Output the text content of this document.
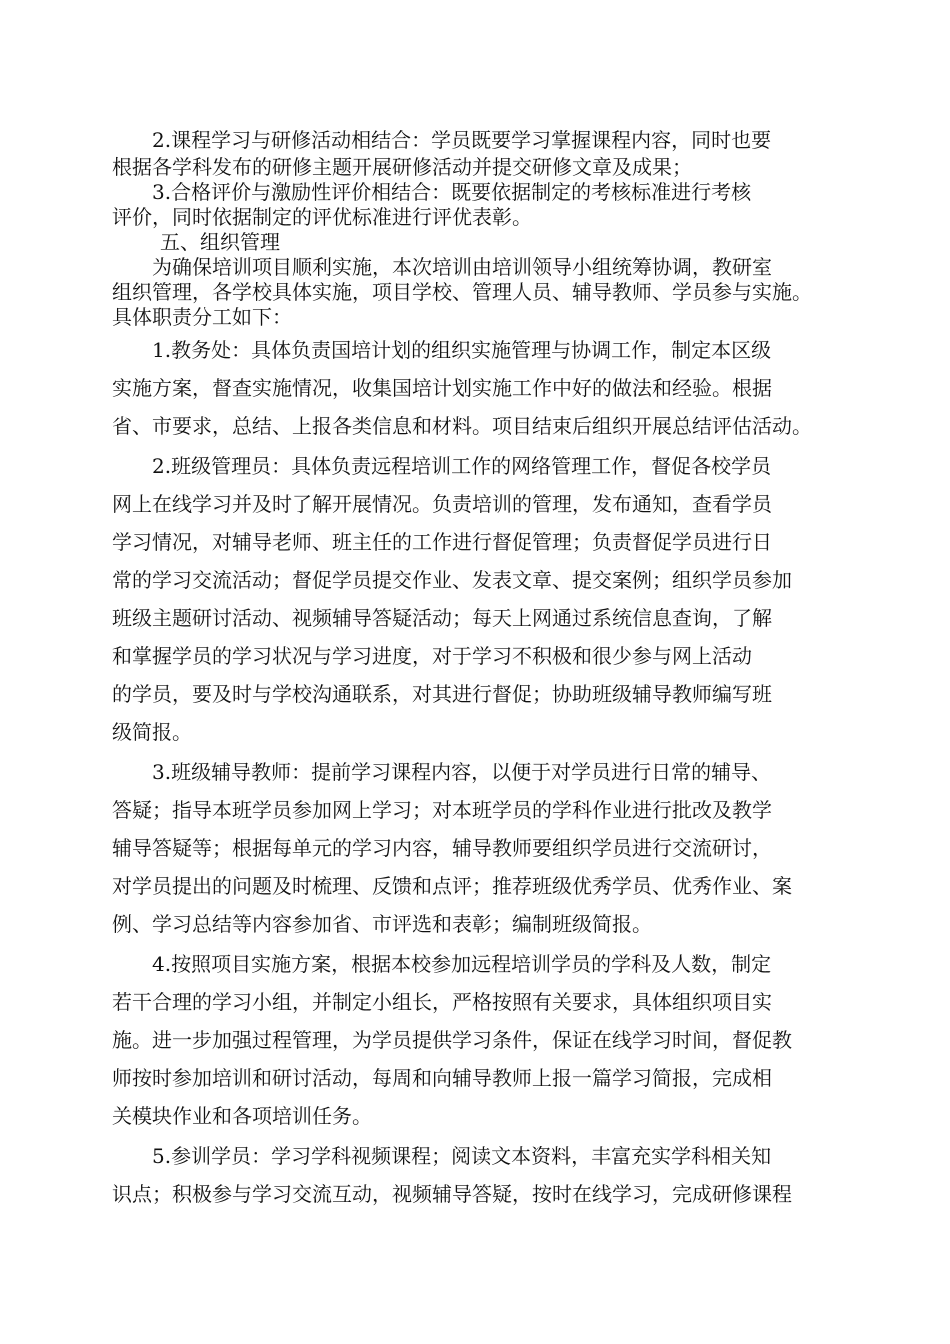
2.课程学习与研修活动相结合：学员既要学习掌握课程内容，同时也要
根据各学科发布的研修主题开展研修活动并提交研修文章及成果；
3.合格评价与激励性评价相结合：既要依据制定的考核标准进行考核
评价，同时依据制定的评优标准进行评优表彰。
五、组织管理
为确保培训项目顺利实施，本次培训由培训领导小组统筹协调，教研室
组织管理，各学校具体实施，项目学校、管理人员、辅导教师、学员参与实施。
具体职责分工如下：
1.教务处：具体负责国培计划的组织实施管理与协调工作，制定本区级
实施方案，督查实施情况，收集国培计划实施工作中好的做法和经验。根据
省、市要求，总结、上报各类信息和材料。项目结束后组织开展总结评估活动。
2.班级管理员：具体负责远程培训工作的网络管理工作，督促各校学员
网上在线学习并及时了解开展情况。负责培训的管理，发布通知，查看学员
学习情况，对辅导老师、班主任的工作进行督促管理；负责督促学员进行日
常的学习交流活动；督促学员提交作业、发表文章、提交案例；组织学员参加
班级主题研讨活动、视频辅导答疑活动；每天上网通过系统信息查询，了解
和掌握学员的学习状况与学习进度，对于学习不积极和很少参与网上活动
的学员，要及时与学校沟通联系，对其进行督促；协助班级辅导教师编写班
级简报。
3.班级辅导教师：提前学习课程内容，以便于对学员进行日常的辅导、
答疑；指导本班学员参加网上学习；对本班学员的学科作业进行批改及教学
辅导答疑等；根据每单元的学习内容，辅导教师要组织学员进行交流研讨，
对学员提出的问题及时梳理、反馈和点评；推荐班级优秀学员、优秀作业、案
例、学习总结等内容参加省、市评选和表彰；编制班级简报。
4.按照项目实施方案，根据本校参加远程培训学员的学科及人数，制定
若干合理的学习小组，并制定小组长，严格按照有关要求，具体组织项目实
施。进一步加强过程管理，为学员提供学习条件，保证在线学习时间，督促教
师按时参加培训和研讨活动，每周和向辅导教师上报一篇学习简报，完成相
关模块作业和各项培训任务。
5.参训学员：学习学科视频课程；阅读文本资料，丰富充实学科相关知
识点；积极参与学习交流互动，视频辅导答疑，按时在线学习，完成研修课程
